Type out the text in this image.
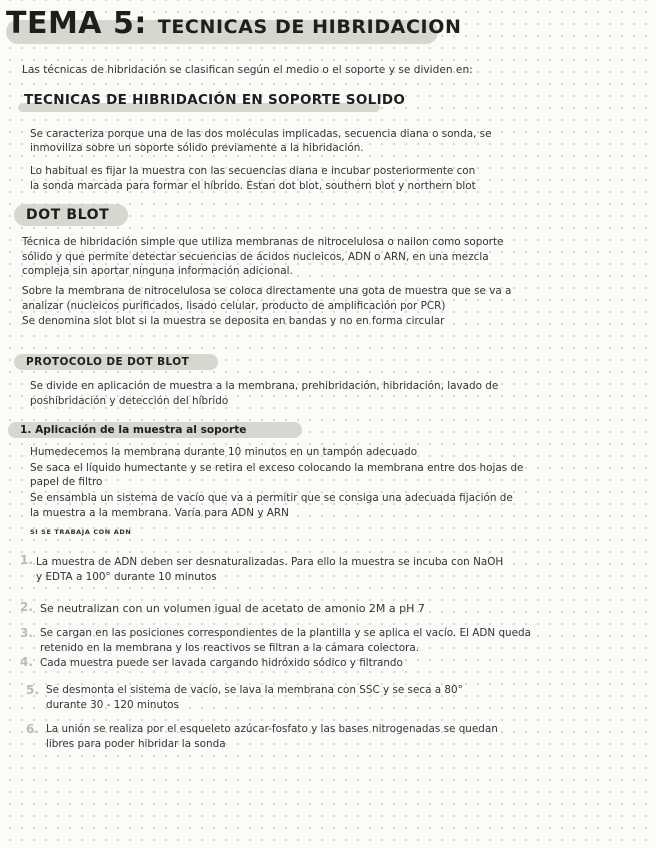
TEMA 5: TECNICAS DE HIBRIDACION
Las técnicas de hibridación se clasifican según el medio o el soporte y se dividen en:
TECNICAS DE HIBRIDACIÓN EN SOPORTE SOLIDO
Se caracteriza porque una de las dos moléculas implicadas, secuencia diana o sonda, se
inmoviliza sobre un soporte sólido previamente a la hibridación.
Lo habitual es fijar la muestra con las secuencias diana e incubar posteriormente con
la sonda marcada para formar el híbrido. Estan dot blot, southern blot y northern blot
DOT BLOT
Técnica de hibridación simple que utiliza membranas de nitrocelulosa o nailon como soporte
sólido y que permite detectar secuencias de ácidos nucleicos, ADN o ARN, en una mezcla
compleja sin aportar ninguna información adicional.
Sobre la membrana de nitrocelulosa se coloca directamente una gota de muestra que se va a
analizar (nucleicos purificados, lisado celular, producto de amplificación por PCR)
Se denomina slot blot si la muestra se deposita en bandas y no en forma circular
PROTOCOLO DE DOT BLOT
Se divide en aplicación de muestra a la membrana, prehibridación, hibridación, lavado de
poshibridación y detección del híbrido
1. Aplicación de la muestra al soporte
Humedecemos la membrana durante 10 minutos en un tampón adecuado
Se saca el líquido humectante y se retira el exceso colocando la membrana entre dos hojas de
papel de filtro
Se ensambla un sistema de vacío que va a permitir que se consiga una adecuada fijación de
la muestra a la membrana. Varía para ADN y ARN
SI SE TRABAJA CON ADN
1. La muestra de ADN deben ser desnaturalizadas. Para ello la muestra se incuba con NaOH
y EDTA a 100° durante 10 minutos
2. Se neutralizan con un volumen igual de acetato de amonio 2M a pH 7
3. Se cargan en las posiciones correspondientes de la plantilla y se aplica el vacío. El ADN queda
retenido en la membrana y los reactivos se filtran a la cámara colectora.
4. Cada muestra puede ser lavada cargando hidróxido sódico y filtrando
5. Se desmonta el sistema de vacío, se lava la membrana con SSC y se seca a 80°
durante 30 - 120 minutos
6. La unión se realiza por el esqueleto azúcar-fosfato y las bases nitrogenadas se quedan
libres para poder hibridar la sonda
